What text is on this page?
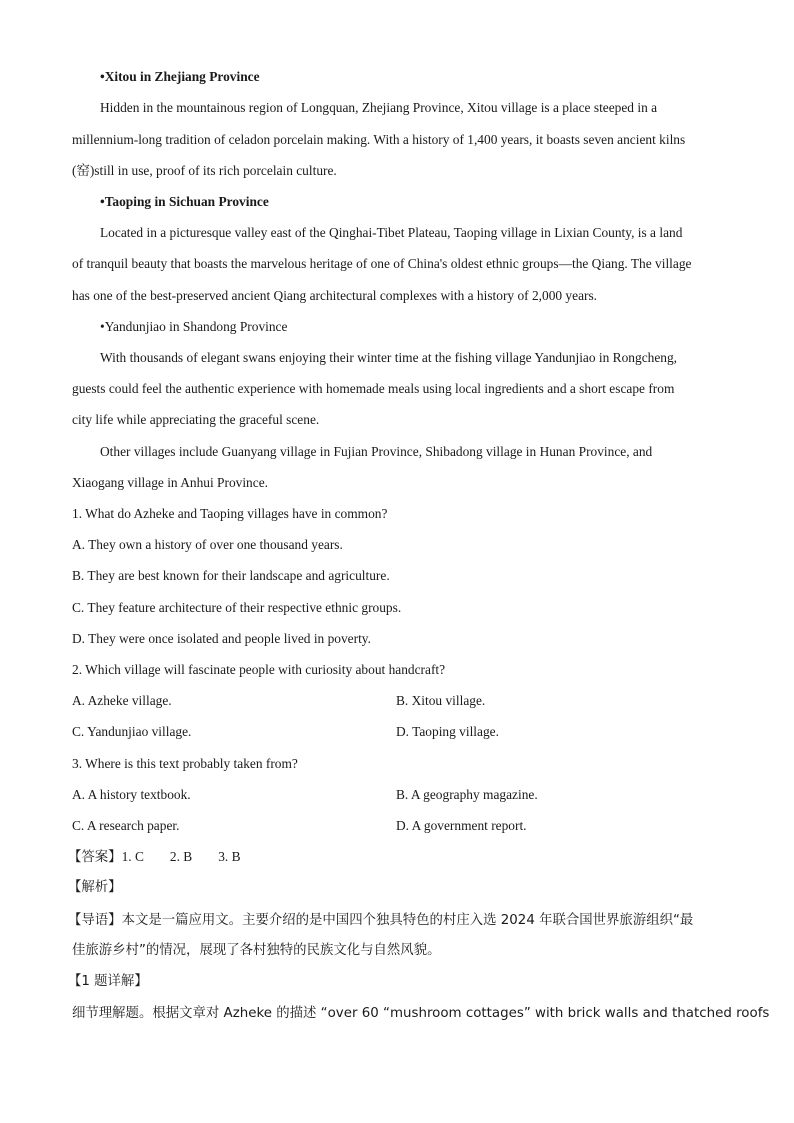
•Xitou in Zhejiang Province
Hidden in the mountainous region of Longquan, Zhejiang Province, Xitou village is a place steeped in a
millennium-long tradition of celadon porcelain making. With a history of 1,400 years, it boasts seven ancient kilns
(窑)still in use, proof of its rich porcelain culture.
•Taoping in Sichuan Province
Located in a picturesque valley east of the Qinghai-Tibet Plateau, Taoping village in Lixian County, is a land
of tranquil beauty that boasts the marvelous heritage of one of China's oldest ethnic groups—the Qiang. The village
has one of the best-preserved ancient Qiang architectural complexes with a history of 2,000 years.
•Yandunjiao in Shandong Province
With thousands of elegant swans enjoying their winter time at the fishing village Yandunjiao in Rongcheng,
guests could feel the authentic experience with homemade meals using local ingredients and a short escape from
city life while appreciating the graceful scene.
Other villages include Guanyang village in Fujian Province, Shibadong village in Hunan Province, and
Xiaogang village in Anhui Province.
1. What do Azheke and Taoping villages have in common?
A. They own a history of over one thousand years.
B. They are best known for their landscape and agriculture.
C. They feature architecture of their respective ethnic groups.
D. They were once isolated and people lived in poverty.
2. Which village will fascinate people with curiosity about handcraft?
A. Azheke village.	B. Xitou village.
C. Yandunjiao village.	D. Taoping village.
3. Where is this text probably taken from?
A. A history textbook.	B. A geography magazine.
C. A research paper.	D. A government report.
【答案】1. C 2. B 3. B
【解析】
【导语】本文是一篇应用文。主要介绍的是中国四个独具特色的村庄入选 2024 年联合国世界旅游组织“最
佳旅游乡村”的情况，展现了各村独特的民族文化与自然风貌。
【1 题详解】
细节理解题。根据文章对 Azheke 的描述 “over 60 “mushroom cottages” with brick walls and thatched roofs
